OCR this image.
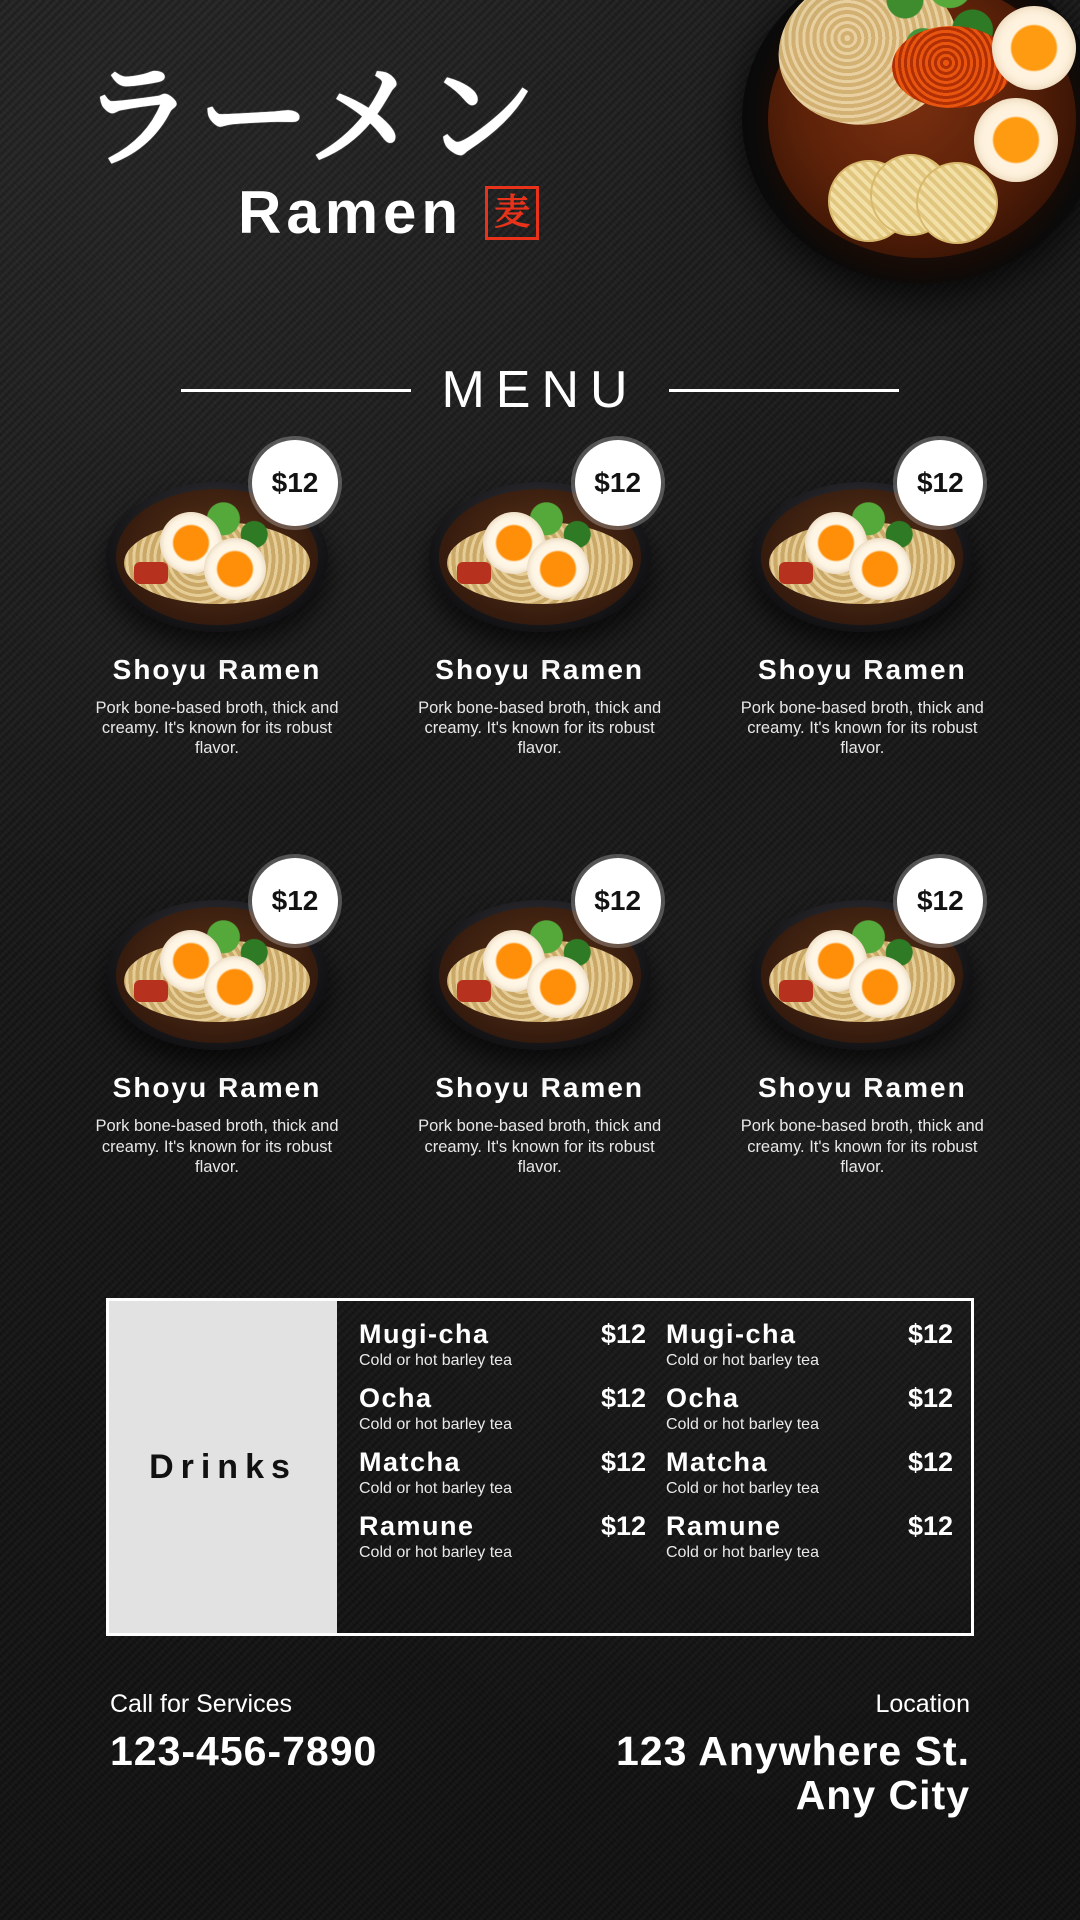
ラーメン
Ramen 麦
MENU
$12
Shoyu Ramen
Pork bone-based broth, thick and creamy. It's known for its robust flavor.
$12
Shoyu Ramen
Pork bone-based broth, thick and creamy. It's known for its robust flavor.
$12
Shoyu Ramen
Pork bone-based broth, thick and creamy. It's known for its robust flavor.
$12
Shoyu Ramen
Pork bone-based broth, thick and creamy. It's known for its robust flavor.
$12
Shoyu Ramen
Pork bone-based broth, thick and creamy. It's known for its robust flavor.
$12
Shoyu Ramen
Pork bone-based broth, thick and creamy. It's known for its robust flavor.
Drinks
Mugi-cha	$12
Cold or hot barley tea
Ocha	$12
Cold or hot barley tea
Matcha	$12
Cold or hot barley tea
Ramune	$12
Cold or hot barley tea
Mugi-cha	$12
Cold or hot barley tea
Ocha	$12
Cold or hot barley tea
Matcha	$12
Cold or hot barley tea
Ramune	$12
Cold or hot barley tea
Call for Services
123-456-7890
Location
123 Anywhere St.
Any City
